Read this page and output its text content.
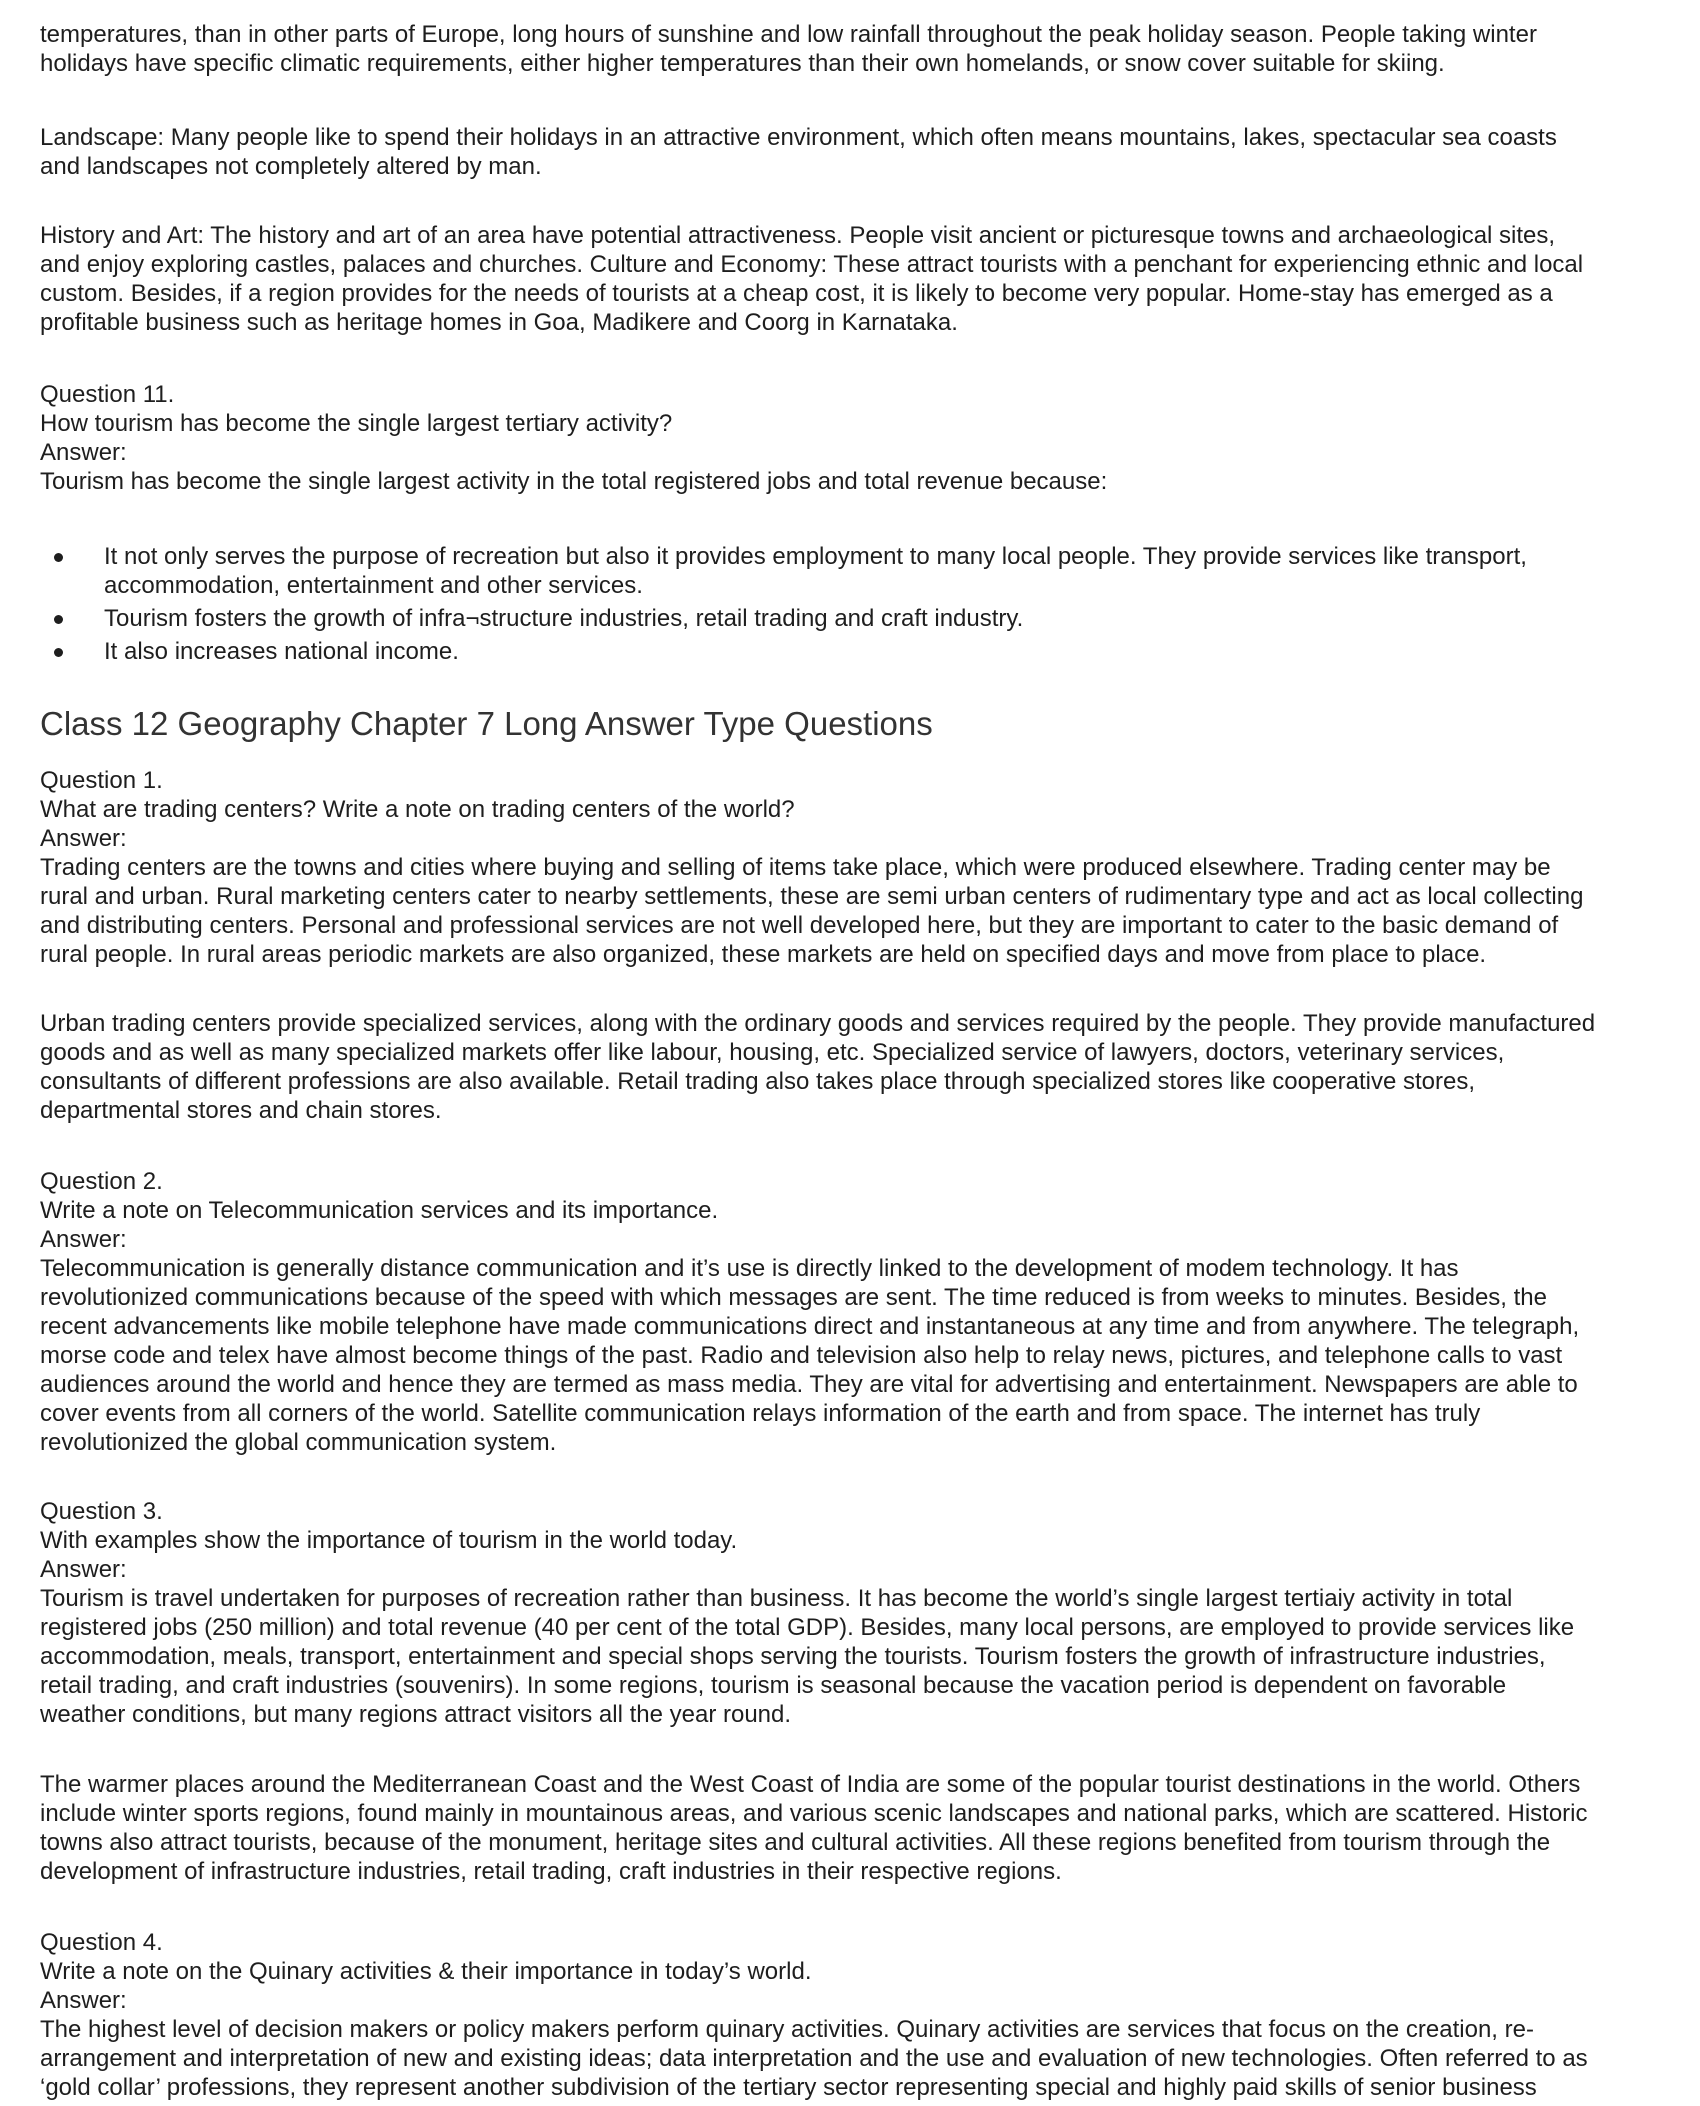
temperatures, than in other parts of Europe, long hours of sunshine and low rainfall throughout the peak holiday season. People taking winter
holidays have specific climatic requirements, either higher temperatures than their own homelands, or snow cover suitable for skiing.
Landscape: Many people like to spend their holidays in an attractive environment, which often means mountains, lakes, spectacular sea coasts
and landscapes not completely altered by man.
History and Art: The history and art of an area have potential attractiveness. People visit ancient or picturesque towns and archaeological sites,
and enjoy exploring castles, palaces and churches. Culture and Economy: These attract tourists with a penchant for experiencing ethnic and local
custom. Besides, if a region provides for the needs of tourists at a cheap cost, it is likely to become very popular. Home-stay has emerged as a
profitable business such as heritage homes in Goa, Madikere and Coorg in Karnataka.
Question 11.
How tourism has become the single largest tertiary activity?
Answer:
Tourism has become the single largest activity in the total registered jobs and total revenue because:
It not only serves the purpose of recreation but also it provides employment to many local people. They provide services like transport,
accommodation, entertainment and other services.
Tourism fosters the growth of infra¬structure industries, retail trading and craft industry.
It also increases national income.
Class 12 Geography Chapter 7 Long Answer Type Questions
Question 1.
What are trading centers? Write a note on trading centers of the world?
Answer:
Trading centers are the towns and cities where buying and selling of items take place, which were produced elsewhere. Trading center may be
rural and urban. Rural marketing centers cater to nearby settlements, these are semi urban centers of rudimentary type and act as local collecting
and distributing centers. Personal and professional services are not well developed here, but they are important to cater to the basic demand of
rural people. In rural areas periodic markets are also organized, these markets are held on specified days and move from place to place.
Urban trading centers provide specialized services, along with the ordinary goods and services required by the people. They provide manufactured
goods and as well as many specialized markets offer like labour, housing, etc. Specialized service of lawyers, doctors, veterinary services,
consultants of different professions are also available. Retail trading also takes place through specialized stores like cooperative stores,
departmental stores and chain stores.
Question 2.
Write a note on Telecommunication services and its importance.
Answer:
Telecommunication is generally distance communication and it’s use is directly linked to the development of modem technology. It has
revolutionized communications because of the speed with which messages are sent. The time reduced is from weeks to minutes. Besides, the
recent advancements like mobile telephone have made communications direct and instantaneous at any time and from anywhere. The telegraph,
morse code and telex have almost become things of the past. Radio and television also help to relay news, pictures, and telephone calls to vast
audiences around the world and hence they are termed as mass media. They are vital for advertising and entertainment. Newspapers are able to
cover events from all corners of the world. Satellite communication relays information of the earth and from space. The internet has truly
revolutionized the global communication system.
Question 3.
With examples show the importance of tourism in the world today.
Answer:
Tourism is travel undertaken for purposes of recreation rather than business. It has become the world’s single largest tertiaiy activity in total
registered jobs (250 million) and total revenue (40 per cent of the total GDP). Besides, many local persons, are employed to provide services like
accommodation, meals, transport, entertainment and special shops serving the tourists. Tourism fosters the growth of infrastructure industries,
retail trading, and craft industries (souvenirs). In some regions, tourism is seasonal because the vacation period is dependent on favorable
weather conditions, but many regions attract visitors all the year round.
The warmer places around the Mediterranean Coast and the West Coast of India are some of the popular tourist destinations in the world. Others
include winter sports regions, found mainly in mountainous areas, and various scenic landscapes and national parks, which are scattered. Historic
towns also attract tourists, because of the monument, heritage sites and cultural activities. All these regions benefited from tourism through the
development of infrastructure industries, retail trading, craft industries in their respective regions.
Question 4.
Write a note on the Quinary activities & their importance in today’s world.
Answer:
The highest level of decision makers or policy makers perform quinary activities. Quinary activities are services that focus on the creation, re-
arrangement and interpretation of new and existing ideas; data interpretation and the use and evaluation of new technologies. Often referred to as
‘gold collar’ professions, they represent another subdivision of the tertiary sector representing special and highly paid skills of senior business
